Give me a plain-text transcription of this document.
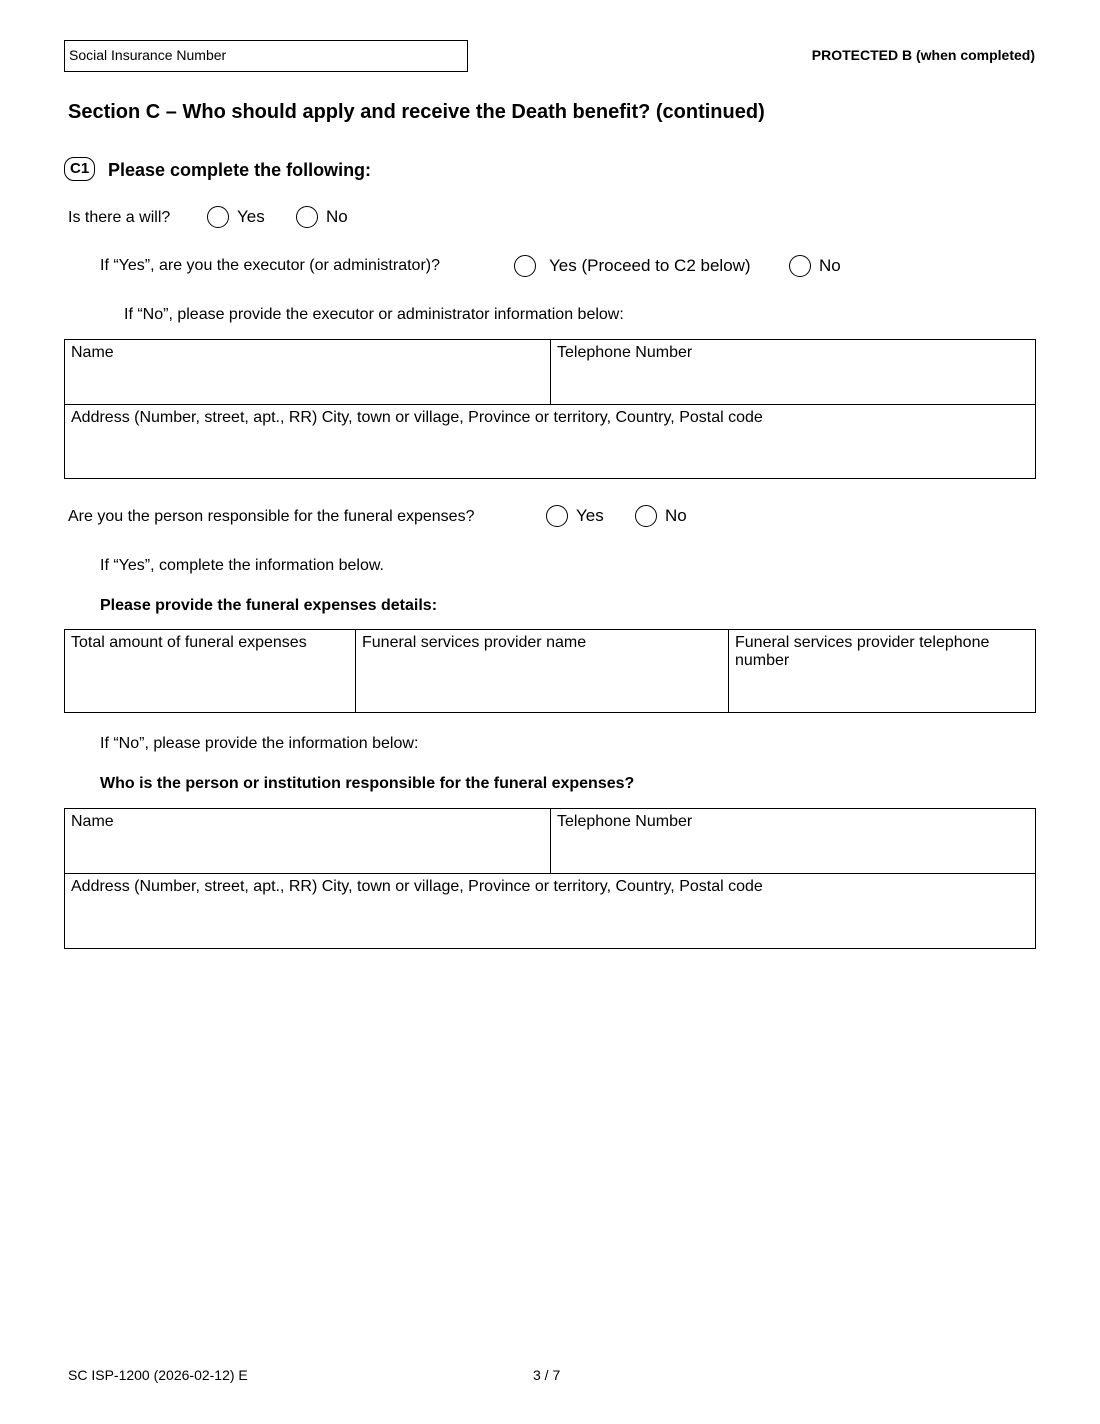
Social Insurance Number	PROTECTED B (when completed)
Section C – Who should apply and receive the Death benefit? (continued)
C1	Please complete the following:
Is there a will?	Yes	No
If “Yes”, are you the executor (or administrator)?	Yes (Proceed to C2 below)	No
If “No”, please provide the executor or administrator information below:
Name	Telephone Number
Address (Number, street, apt., RR) City, town or village, Province or territory, Country, Postal code
Are you the person responsible for the funeral expenses?	Yes	No
If “Yes”, complete the information below.
Please provide the funeral expenses details:
Total amount of funeral expenses	Funeral services provider name	Funeral services provider telephone number
If “No”, please provide the information below:
Who is the person or institution responsible for the funeral expenses?
Name	Telephone Number
Address (Number, street, apt., RR) City, town or village, Province or territory, Country, Postal code
SC ISP-1200 (2026-02-12) E	3 / 7
